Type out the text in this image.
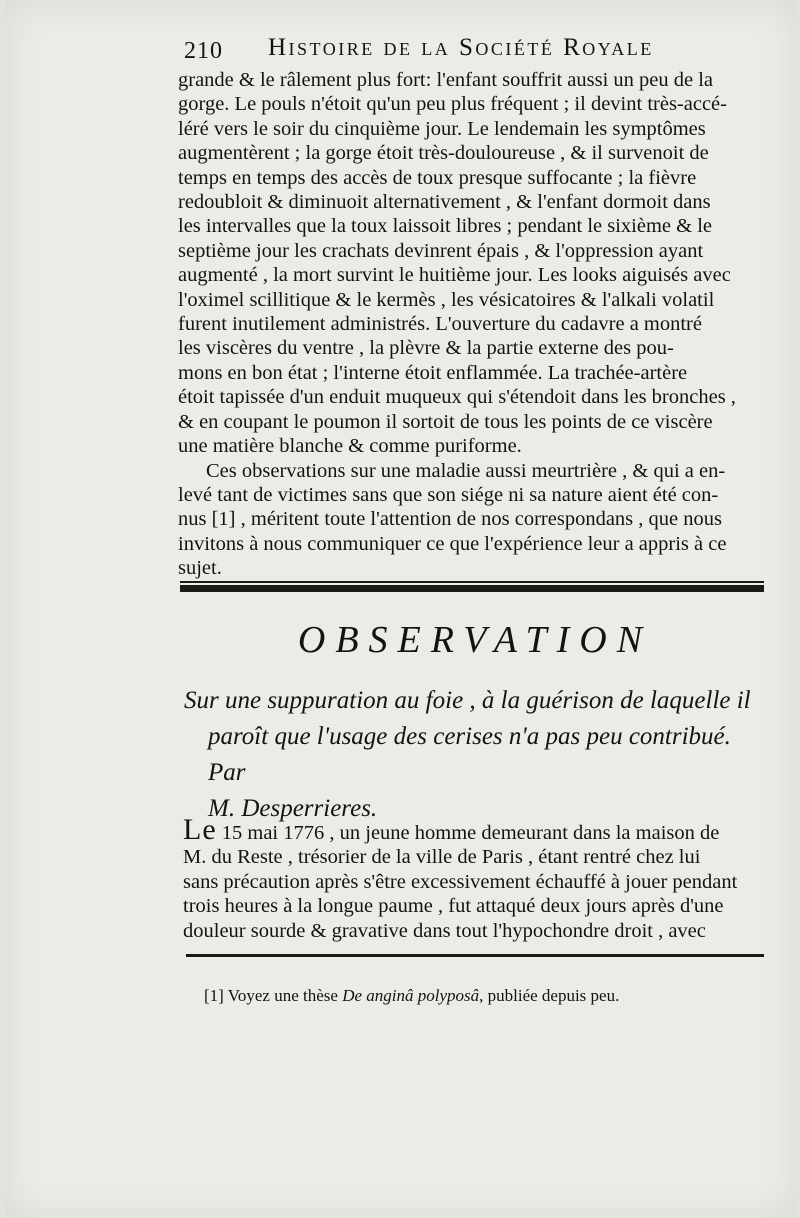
210 Histoire de la Société Royale

grande & le râlement plus fort: l'enfant souffrit aussi un peu de la

gorge. Le pouls n'étoit qu'un peu plus fréquent ; il devint très-accé-

léré vers le soir du cinquième jour. Le lendemain les symptômes

augmentèrent ; la gorge étoit très-douloureuse , & il survenoit de

temps en temps des accès de toux presque suffocante ; la fièvre

redoubloit & diminuoit alternativement , & l'enfant dormoit dans

les intervalles que la toux laissoit libres ; pendant le sixième & le

septième jour les crachats devinrent épais , & l'oppression ayant

augmenté , la mort survint le huitième jour. Les looks aiguisés avec

l'oximel scillitique & le kermès , les vésicatoires & l'alkali volatil

furent inutilement administrés. L'ouverture du cadavre a montré

les viscères du ventre , la plèvre & la partie externe des pou-

mons en bon état ; l'interne étoit enflammée. La trachée-artère

étoit tapissée d'un enduit muqueux qui s'étendoit dans les bronches ,

& en coupant le poumon il sortoit de tous les points de ce viscère

une matière blanche & comme puriforme.

Ces observations sur une maladie aussi meurtrière , & qui a en-

levé tant de victimes sans que son siége ni sa nature aient été con-

nus [1] , méritent toute l'attention de nos correspondans , que nous

invitons à nous communiquer ce que l'expérience leur a appris à ce

sujet.

OBSERVATION
Sur une suppuration au foie , à la guérison de laquelle il
paroît que l'usage des cerises n'a pas peu contribué. Par
M. Desperrieres.
Le 15 mai 1776 , un jeune homme demeurant dans la maison de
M. du Reste , trésorier de la ville de Paris , étant rentré chez lui
sans précaution après s'être excessivement échauffé à jouer pendant
trois heures à la longue paume , fut attaqué deux jours après d'une
douleur sourde & gravative dans tout l'hypochondre droit , avec
[1] Voyez une thèse De anginâ polyposâ, publiée depuis peu.
